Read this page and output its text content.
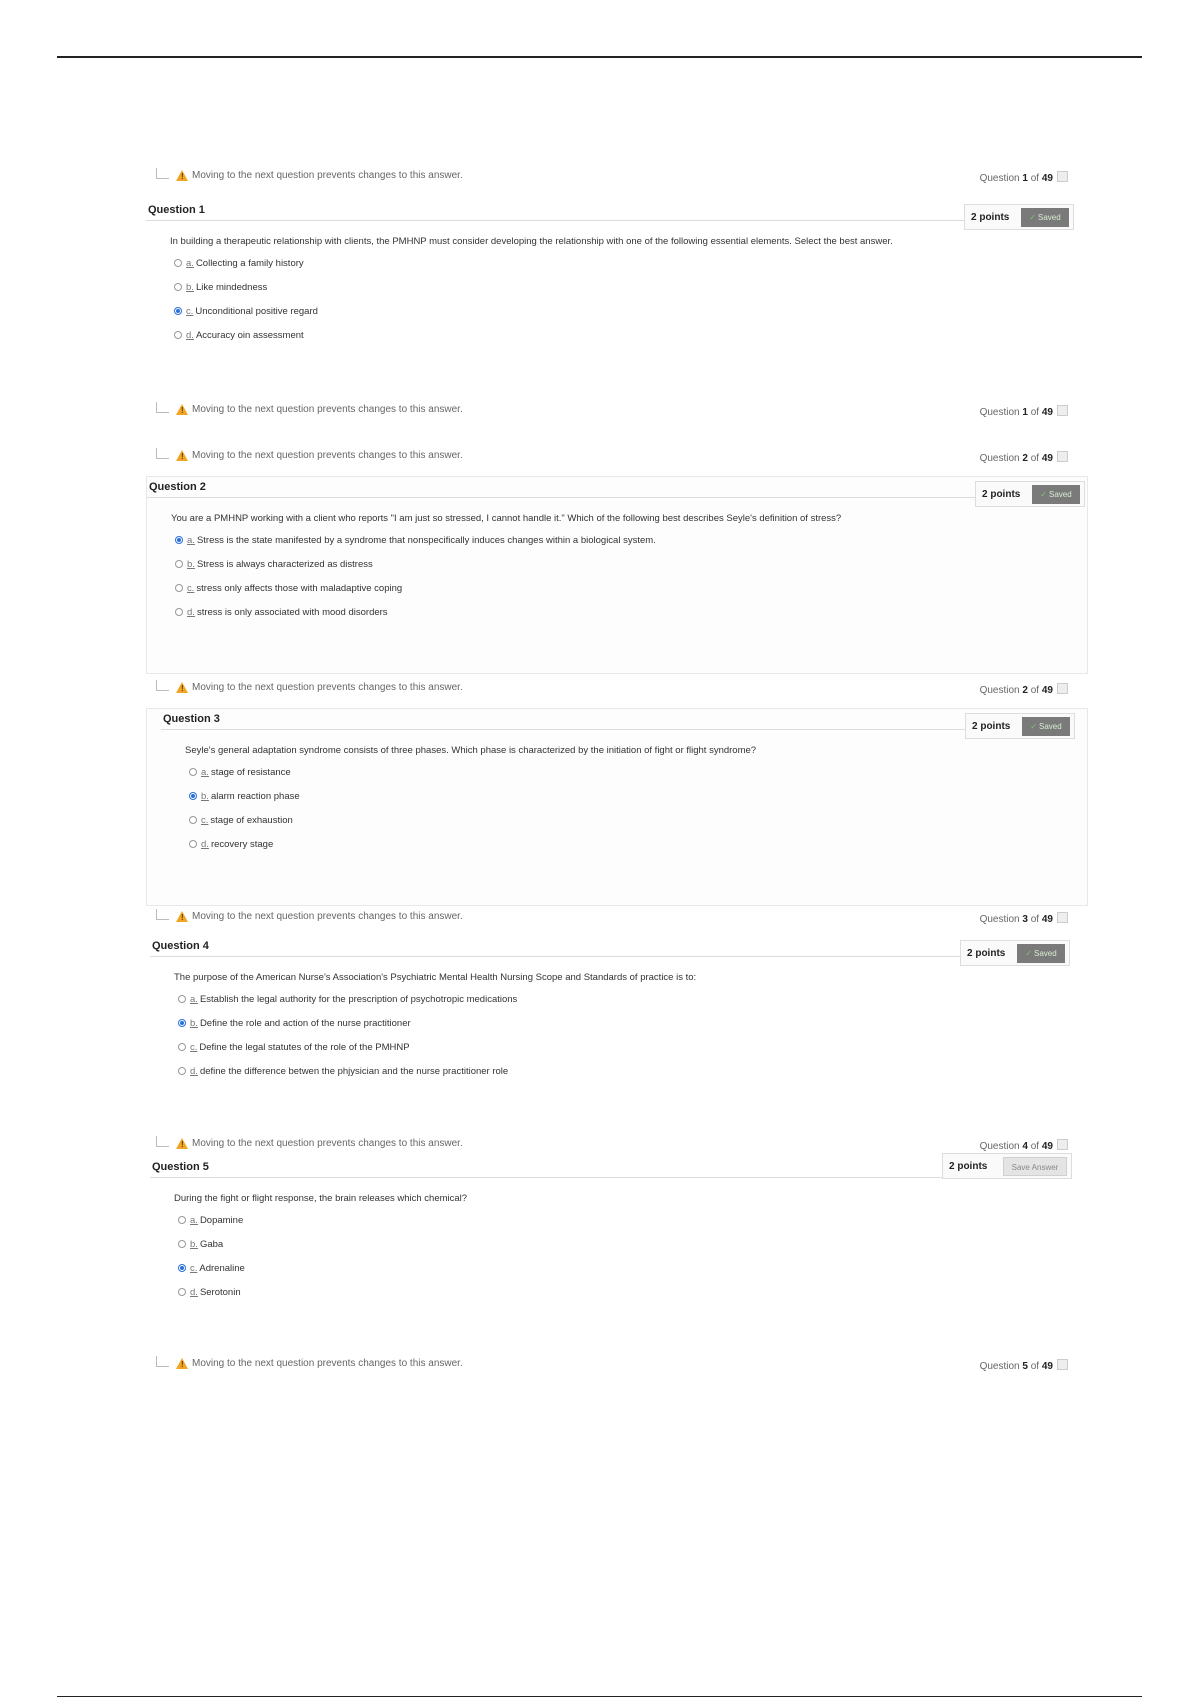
! Moving to the next question prevents changes to this answer.	Question 1 of 49
! Moving to the next question prevents changes to this answer.	Question 1 of 49
! Moving to the next question prevents changes to this answer.	Question 2 of 49
! Moving to the next question prevents changes to this answer.	Question 2 of 49
! Moving to the next question prevents changes to this answer.	Question 3 of 49
! Moving to the next question prevents changes to this answer.	Question 4 of 49
! Moving to the next question prevents changes to this answer.	Question 5 of 49
Question 1
2 points	✓ Saved
In building a therapeutic relationship with clients, the PMHNP must consider developing the relationship with one of the following essential elements. Select the best answer.
a. Collecting a family history
b. Like mindedness
c. Unconditional positive regard
d. Accuracy oin assessment
Question 2
2 points	✓ Saved
You are a PMHNP working with a client who reports "I am just so stressed, I cannot handle it." Which of the following best describes Seyle's definition of stress?
a. Stress is the state manifested by a syndrome that nonspecifically induces changes within a biological system.
b. Stress is always characterized as distress
c. stress only affects those with maladaptive coping
d. stress is only associated with mood disorders
Question 3
2 points	✓ Saved
Seyle's general adaptation syndrome consists of three phases. Which phase is characterized by the initiation of fight or flight syndrome?
a. stage of resistance
b. alarm reaction phase
c. stage of exhaustion
d. recovery stage
Question 4
2 points	✓ Saved
The purpose of the American Nurse's Association's Psychiatric Mental Health Nursing Scope and Standards of practice is to:
a. Establish the legal authority for the prescription of psychotropic medications
b. Define the role and action of the nurse practitioner
c. Define the legal statutes of the role of the PMHNP
d. define the difference betwen the phjysician and the nurse practitioner role
Question 5	2 points	Save Answer
During the fight or flight response, the brain releases which chemical?
a. Dopamine
b. Gaba
c. Adrenaline
d. Serotonin
